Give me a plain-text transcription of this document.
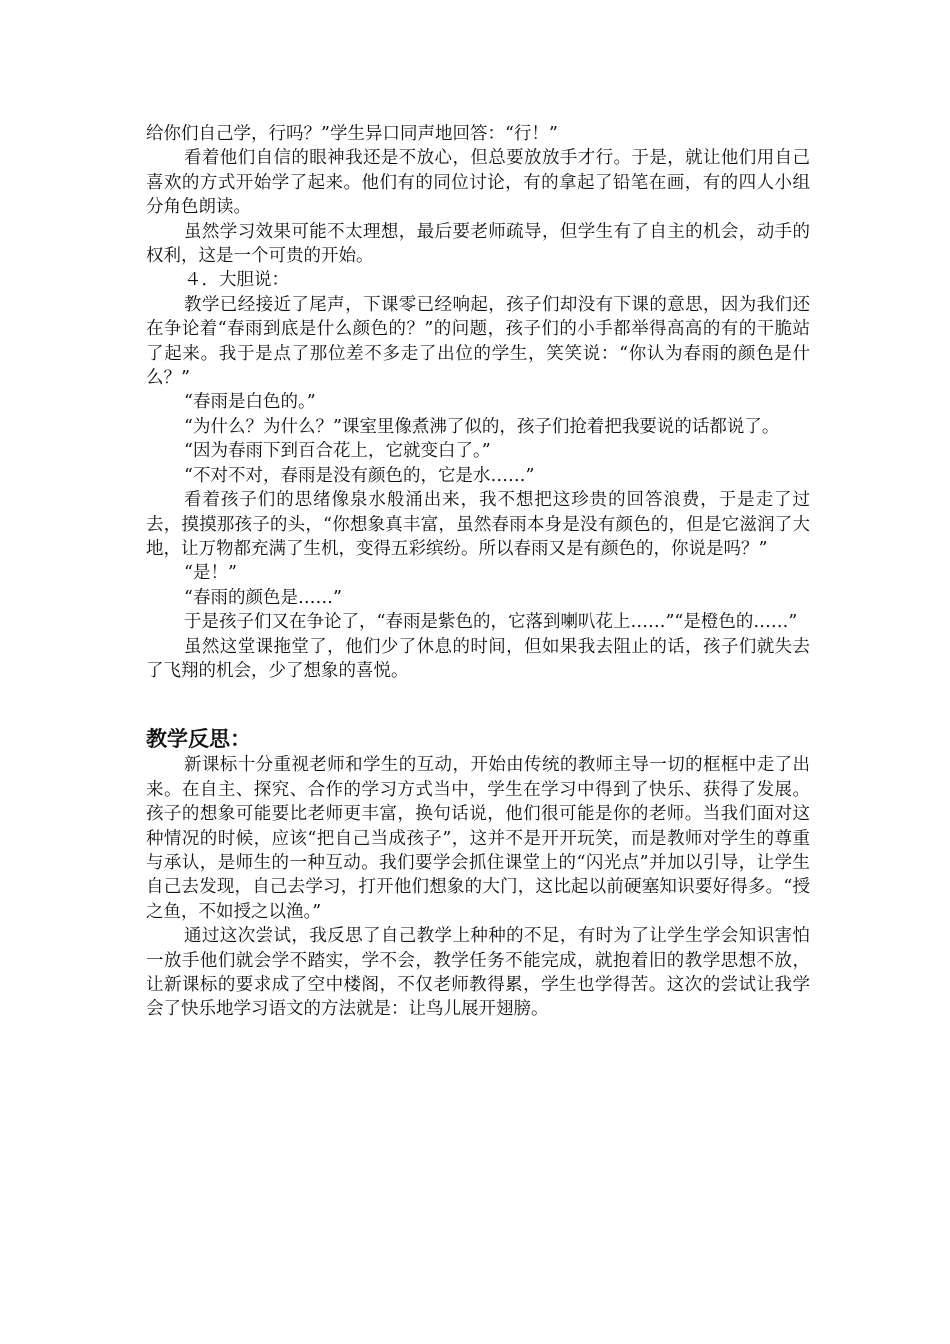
给你们自己学，行吗？”学生异口同声地回答：“行！”

看着他们自信的眼神我还是不放心，但总要放放手才行。于是，就让他们用自己喜欢的方式开始学了起来。他们有的同位讨论，有的拿起了铅笔在画，有的四人小组分角色朗读。

虽然学习效果可能不太理想，最后要老师疏导，但学生有了自主的机会，动手的权利，这是一个可贵的开始。

４．大胆说：

教学已经接近了尾声，下课零已经响起，孩子们却没有下课的意思，因为我们还在争论着“春雨到底是什么颜色的？”的问题，孩子们的小手都举得高高的有的干脆站了起来。我于是点了那位差不多走了出位的学生，笑笑说：“你认为春雨的颜色是什么？”

“春雨是白色的。”

“为什么？为什么？”课室里像煮沸了似的，孩子们抢着把我要说的话都说了。

“因为春雨下到百合花上，它就变白了。”

“不对不对，春雨是没有颜色的，它是水……”

看着孩子们的思绪像泉水般涌出来，我不想把这珍贵的回答浪费，于是走了过去，摸摸那孩子的头，“你想象真丰富，虽然春雨本身是没有颜色的，但是它滋润了大地，让万物都充满了生机，变得五彩缤纷。所以春雨又是有颜色的，你说是吗？”

“是！”

“春雨的颜色是……”

于是孩子们又在争论了，“春雨是紫色的，它落到喇叭花上……”“是橙色的……”

虽然这堂课拖堂了，他们少了休息的时间，但如果我去阻止的话，孩子们就失去了飞翔的机会，少了想象的喜悦。

教学反思：

新课标十分重视老师和学生的互动，开始由传统的教师主导一切的框框中走了出来。在自主、探究、合作的学习方式当中，学生在学习中得到了快乐、获得了发展。孩子的想象可能要比老师更丰富，换句话说，他们很可能是你的老师。当我们面对这种情况的时候，应该“把自己当成孩子”，这并不是开开玩笑，而是教师对学生的尊重与承认，是师生的一种互动。我们要学会抓住课堂上的“闪光点”并加以引导，让学生自己去发现，自己去学习，打开他们想象的大门，这比起以前硬塞知识要好得多。“授之鱼，不如授之以渔。”

通过这次尝试，我反思了自己教学上种种的不足，有时为了让学生学会知识害怕一放手他们就会学不踏实，学不会，教学任务不能完成，就抱着旧的教学思想不放，让新课标的要求成了空中楼阁，不仅老师教得累，学生也学得苦。这次的尝试让我学会了快乐地学习语文的方法就是：让鸟儿展开翅膀。
